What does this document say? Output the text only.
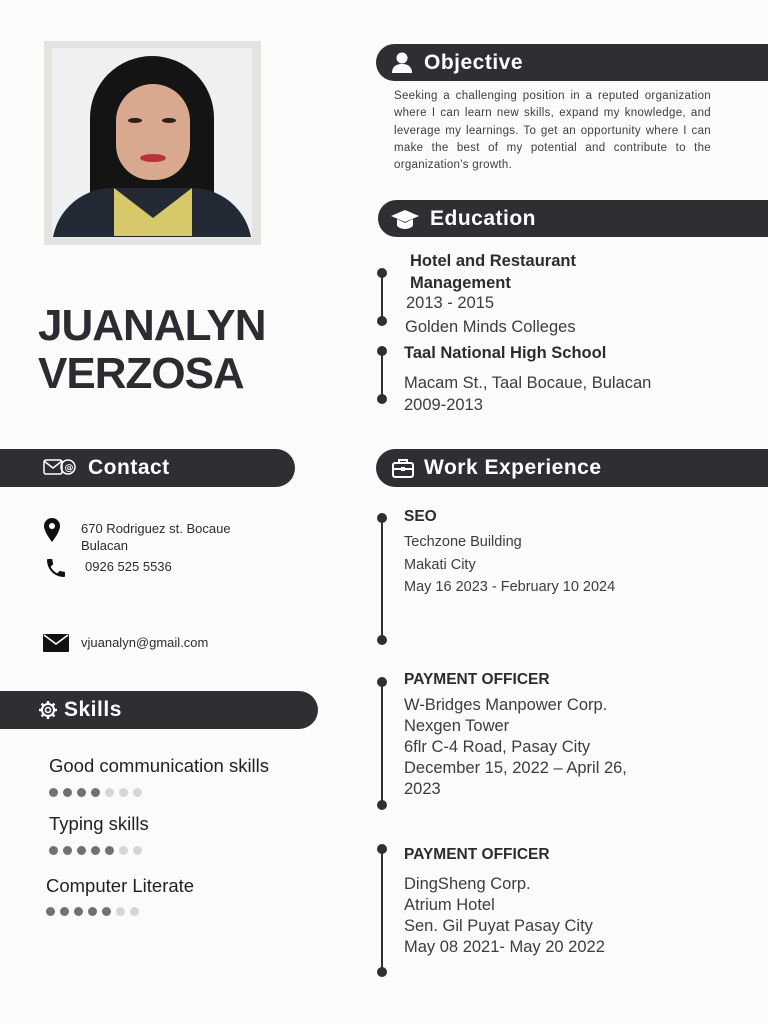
JUANALYN
VERZOSA
Objective
Seeking a challenging position in a reputed organization where I can learn new skills, expand my knowledge, and leverage my learnings. To get an opportunity where I can make the best of my potential and contribute to the organization's growth.
Education
Hotel and Restaurant
Management
2013 - 2015
Golden Minds Colleges
Taal National High School
Macam St., Taal Bocaue, Bulacan
2009-2013
@ Contact
670 Rodriguez st. Bocaue
Bulacan
0926 525 5536
vjuanalyn@gmail.com
Work Experience
SEO
Techzone Building
Makati City
May 16 2023 - February 10 2024
PAYMENT OFFICER
W-Bridges Manpower Corp.
Nexgen Tower
6flr C-4 Road, Pasay City
December 15, 2022 – April 26,
2023
PAYMENT OFFICER
DingSheng Corp.
Atrium Hotel
Sen. Gil Puyat Pasay City
May 08 2021- May 20 2022
Skills
Good communication skills
Typing skills
Computer Literate
